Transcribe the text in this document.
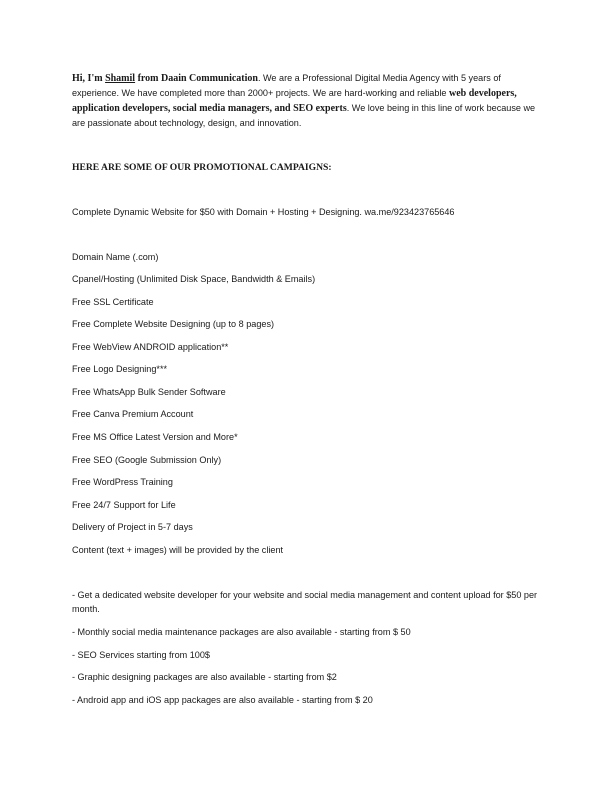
Hi, I'm Shamil from Daain Communication. We are a Professional Digital Media Agency with 5 years of experience. We have completed more than 2000+ projects. We are hard-working and reliable web developers, application developers, social media managers, and SEO experts. We love being in this line of work because we are passionate about technology, design, and innovation.
HERE ARE SOME OF OUR PROMOTIONAL CAMPAIGNS:
Complete Dynamic Website for $50 with Domain + Hosting + Designing. wa.me/923423765646
Domain Name (.com)
Cpanel/Hosting (Unlimited Disk Space, Bandwidth & Emails)
Free SSL Certificate
Free Complete Website Designing (up to 8 pages)
Free WebView ANDROID application**
Free Logo Designing***
Free WhatsApp Bulk Sender Software
Free Canva Premium Account
Free MS Office Latest Version and More*
Free SEO (Google Submission Only)
Free WordPress Training
Free 24/7 Support for Life
Delivery of Project in 5-7 days
Content (text + images) will be provided by the client
- Get a dedicated website developer for your website and social media management and content upload for $50 per month.
- Monthly social media maintenance packages are also available - starting from $ 50
- SEO Services starting from 100$
- Graphic designing packages are also available - starting from $2
- Android app and iOS app packages are also available - starting from $ 20
